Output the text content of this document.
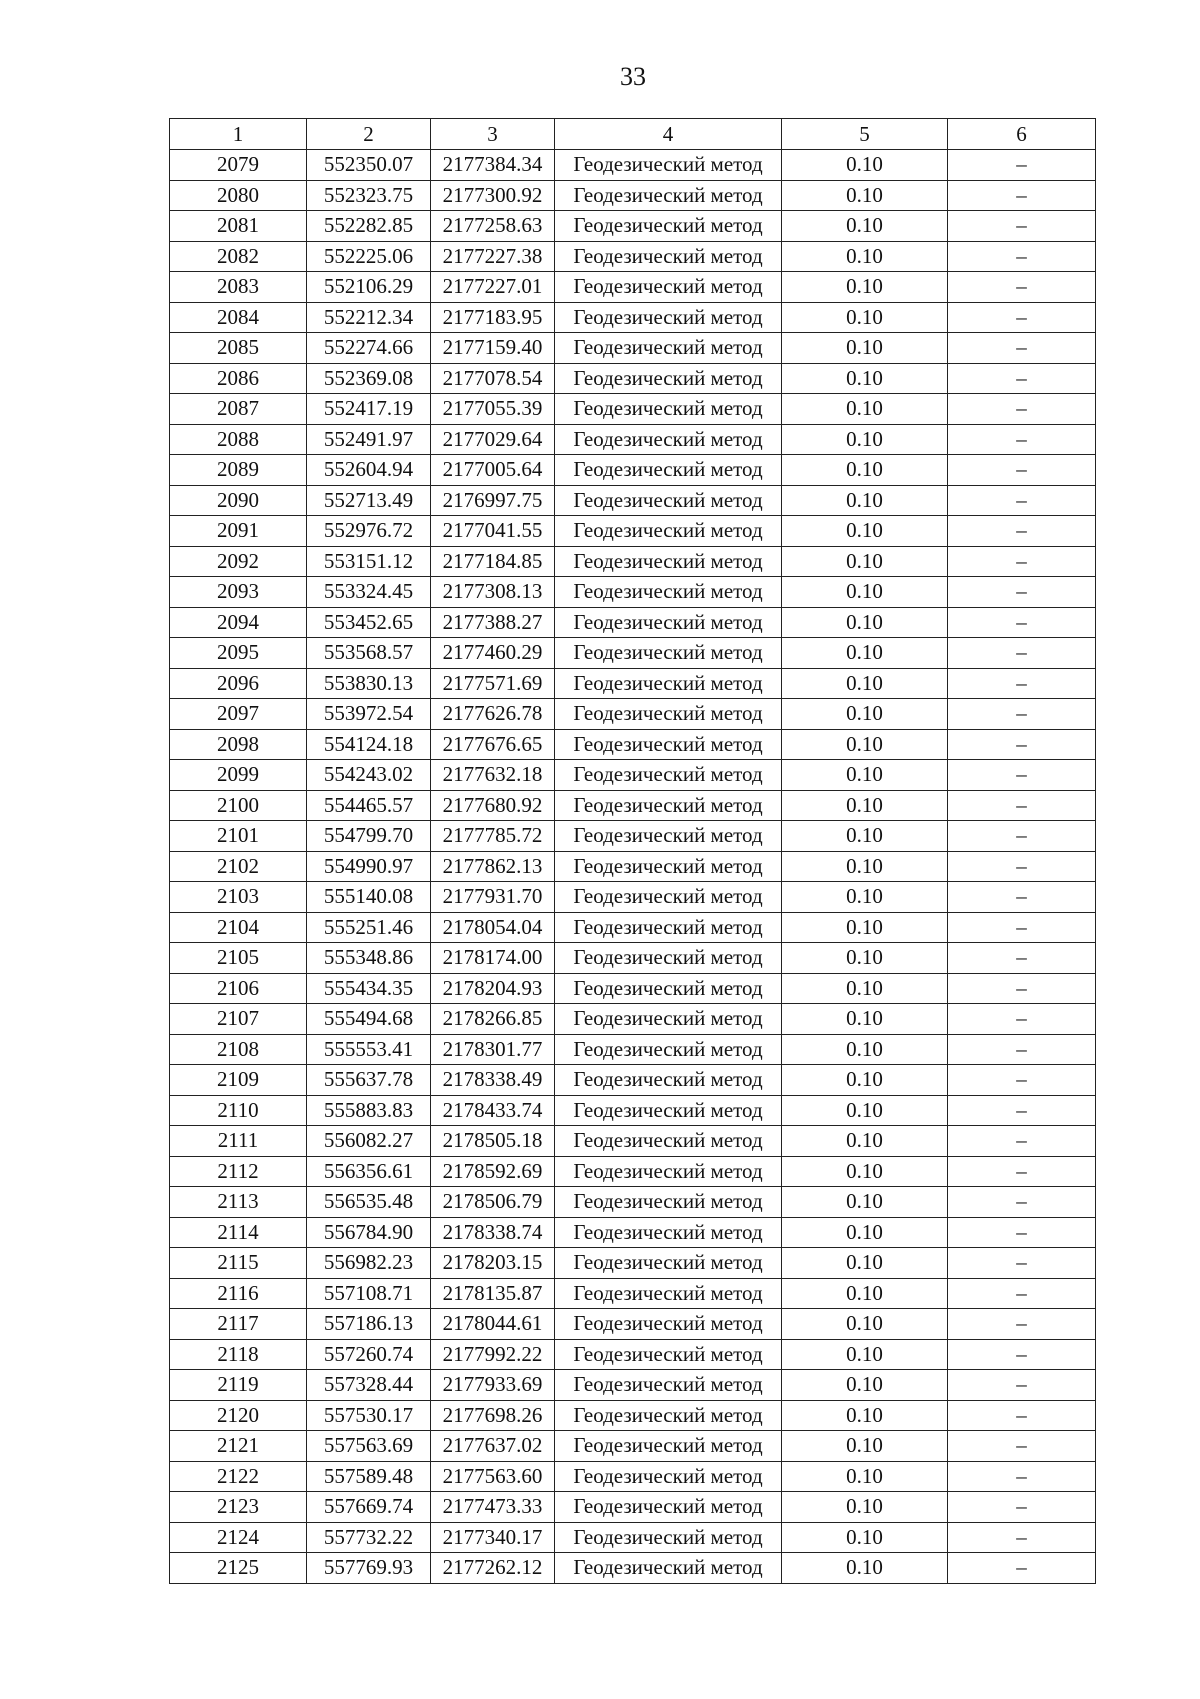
33
1	2	3	4	5	6
2079	552350.07	2177384.34	Геодезический метод	0.10	–
2080	552323.75	2177300.92	Геодезический метод	0.10	–
2081	552282.85	2177258.63	Геодезический метод	0.10	–
2082	552225.06	2177227.38	Геодезический метод	0.10	–
2083	552106.29	2177227.01	Геодезический метод	0.10	–
2084	552212.34	2177183.95	Геодезический метод	0.10	–
2085	552274.66	2177159.40	Геодезический метод	0.10	–
2086	552369.08	2177078.54	Геодезический метод	0.10	–
2087	552417.19	2177055.39	Геодезический метод	0.10	–
2088	552491.97	2177029.64	Геодезический метод	0.10	–
2089	552604.94	2177005.64	Геодезический метод	0.10	–
2090	552713.49	2176997.75	Геодезический метод	0.10	–
2091	552976.72	2177041.55	Геодезический метод	0.10	–
2092	553151.12	2177184.85	Геодезический метод	0.10	–
2093	553324.45	2177308.13	Геодезический метод	0.10	–
2094	553452.65	2177388.27	Геодезический метод	0.10	–
2095	553568.57	2177460.29	Геодезический метод	0.10	–
2096	553830.13	2177571.69	Геодезический метод	0.10	–
2097	553972.54	2177626.78	Геодезический метод	0.10	–
2098	554124.18	2177676.65	Геодезический метод	0.10	–
2099	554243.02	2177632.18	Геодезический метод	0.10	–
2100	554465.57	2177680.92	Геодезический метод	0.10	–
2101	554799.70	2177785.72	Геодезический метод	0.10	–
2102	554990.97	2177862.13	Геодезический метод	0.10	–
2103	555140.08	2177931.70	Геодезический метод	0.10	–
2104	555251.46	2178054.04	Геодезический метод	0.10	–
2105	555348.86	2178174.00	Геодезический метод	0.10	–
2106	555434.35	2178204.93	Геодезический метод	0.10	–
2107	555494.68	2178266.85	Геодезический метод	0.10	–
2108	555553.41	2178301.77	Геодезический метод	0.10	–
2109	555637.78	2178338.49	Геодезический метод	0.10	–
2110	555883.83	2178433.74	Геодезический метод	0.10	–
2111	556082.27	2178505.18	Геодезический метод	0.10	–
2112	556356.61	2178592.69	Геодезический метод	0.10	–
2113	556535.48	2178506.79	Геодезический метод	0.10	–
2114	556784.90	2178338.74	Геодезический метод	0.10	–
2115	556982.23	2178203.15	Геодезический метод	0.10	–
2116	557108.71	2178135.87	Геодезический метод	0.10	–
2117	557186.13	2178044.61	Геодезический метод	0.10	–
2118	557260.74	2177992.22	Геодезический метод	0.10	–
2119	557328.44	2177933.69	Геодезический метод	0.10	–
2120	557530.17	2177698.26	Геодезический метод	0.10	–
2121	557563.69	2177637.02	Геодезический метод	0.10	–
2122	557589.48	2177563.60	Геодезический метод	0.10	–
2123	557669.74	2177473.33	Геодезический метод	0.10	–
2124	557732.22	2177340.17	Геодезический метод	0.10	–
2125	557769.93	2177262.12	Геодезический метод	0.10	–
